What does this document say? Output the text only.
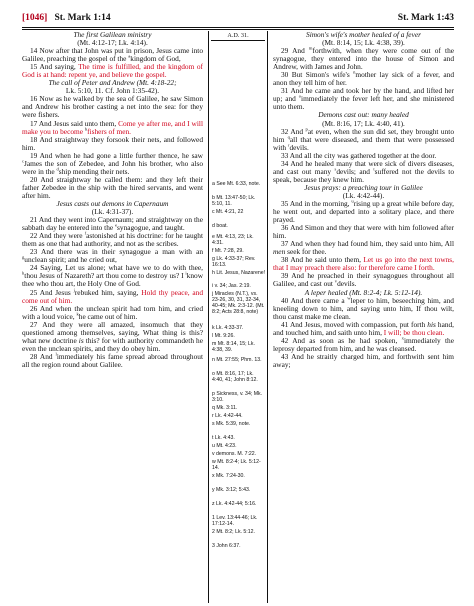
[1046] St. Mark 1:14	St. Mark 1:43
The first Galilean ministry
(Mt. 4:12-17; Lk. 4:14).
14 Now after that John was put in prison, Jesus came into Galilee, preaching the gospel of the $^a$kingdom of God,
15 And saying, The time is fulfilled, and the kingdom of God is at hand: repent ye, and believe the gospel.
The call of Peter and Andrew (Mt. 4:18-22;
Lk. 5:10, 11. Cf. John 1:35-42).
16 Now as he walked by the sea of Galilee, he saw Simon and Andrew his brother casting a net into the sea: for they were fishers.
17 And Jesus said unto them, Come ye after me, and I will make you to become $^b$fishers of men.
18 And straightway they forsook their nets, and followed him.
19 And when he had gone a little further thence, he saw $^c$James the son of Zebedee, and John his brother, who also were in the $^d$ship mending their nets.
20 And straightway he called them: and they left their father Zebedee in the ship with the hired servants, and went after him.
Jesus casts out demons in Capernaum
(Lk. 4:31-37).
21 And they went into Capernaum; and straightway on the sabbath day he entered into the $^e$synagogue, and taught.
22 And they were $^f$astonished at his doctrine: for he taught them as one that had authority, and not as the scribes.
23 And there was in their synagogue a man with an $^g$unclean spirit; and he cried out,
24 Saying, Let us alone; what have we to do with thee, $^h$thou Jesus of Nazareth? art thou come to destroy us? I $^i$know thee who thou art, the Holy One of God.
25 And Jesus $^j$rebuked him, saying, Hold thy peace, and come out of him.
26 And when the unclean spirit had torn him, and cried with a loud voice, $^k$he came out of him.
27 And they were all amazed, insomuch that they questioned among themselves, saying, What thing is this? what new doctrine is this? for with authority commandeth he even the unclean spirits, and they do obey him.
28 And $^l$immediately his fame spread abroad throughout all the region round about Galilee.
A.D. 31.
a See Mt. 6:33, note.
b Mt. 13:47-50; Lk. 5:10, 11.
c Mt. 4:21, 22
d boat.
e Mt. 4:13, 23; Lk. 4:31.
f Mt. 7:28, 29.
g Lk. 4:33-37; Rev. 16:13.
h Lit. Jesus, Nazarene!
i v. 34; Jas. 2:19.
j Miracles (N.T.), vs. 23-26, 30, 31, 32-34, 40-45; Mk. 2:3-12. (Mt. 8:2; Acts 28:8, note)
k Lk. 4:33-37.
l Mt. 9:26.
m Mt. 8:14, 15; Lk. 4:38, 39.
n Mt. 27:55; Phm. 13.
o Mt. 8:16, 17; Lk. 4:40, 41; John 8:12.
p Sickness, v. 34; Mk. 3:10.
q Mk. 3:11.
r Lk. 4:42-44.
s Mk. 5:39, note.
t Lk. 4:43.
u Mt. 4:23.
v demons. M. 7:22.
w Mt. 8:2-4; Lk. 5:12-14.
x Mk. 7:24-30.
y Mk. 3:12; 5:43.
z Lk. 4:42-44; 5:16.
1 Lev. 13:44-46; Lk. 17:12-14.
2 Mt. 8:2; Lk. 5:12.
3 John 6:37.
Simon's wife's mother healed of a fever
(Mt. 8:14, 15; Lk. 4:38, 39).
29 And $^m$forthwith, when they were come out of the synagogue, they entered into the house of Simon and Andrew, with James and John.
30 But Simon's wife's $^n$mother lay sick of a fever, and anon they tell him of her.
31 And he came and took her by the hand, and lifted her up; and $^o$immediately the fever left her, and she ministered unto them.
Demons cast out: many healed
(Mt. 8:16, 17; Lk. 4:40, 41).
32 And $^p$at even, when the sun did set, they brought unto him $^q$all that were diseased, and them that were possessed with $^r$devils.
33 And all the city was gathered together at the door.
34 And he healed many that were sick of divers diseases, and cast out many $^s$devils; and $^t$suffered not the devils to speak, because they knew him.
Jesus prays: a preaching tour in Galilee
(Lk. 4:42-44).
35 And in the morning, $^u$rising up a great while before day, he went out, and departed into a solitary place, and there prayed.
36 And Simon and they that were with him followed after him.
37 And when they had found him, they said unto him, All men seek for thee.
38 And he said unto them, Let us go into the next towns, that I may preach there also: for therefore came I forth.
39 And he preached in their synagogues throughout all Galilee, and cast out $^v$devils.
A leper healed (Mt. 8:2-4; Lk. 5:12-14).
40 And there came a $^w$leper to him, beseeching him, and kneeling down to him, and saying unto him, If thou wilt, thou canst make me clean.
41 And Jesus, moved with compassion, put forth his hand, and touched him, and saith unto him, I will; be thou clean.
42 And as soon as he had spoken, $^x$immediately the leprosy departed from him, and he was cleansed.
43 And he straitly charged him, and forthwith sent him away;
